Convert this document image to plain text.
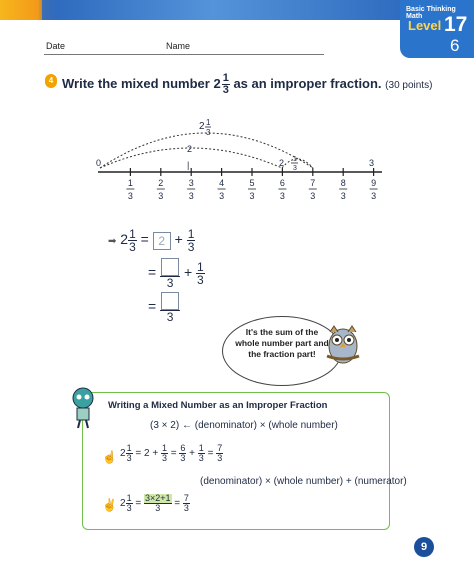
Basic Thinking Math
Level 17
6
Date	Name
4 Write the mixed number $2 \frac{1}{3}$ as an improper fraction. (30 points)
1
3
2
3
3
3
4
3
5
3
6
3
7
3
8
3
9
3
0	|	2	3
2 1
3
2
1
3
➡ $2 \frac{1}{3} = 2 + \frac{1}{3}$
=
3
+ $\frac{1}{3}$
=
3
It's the sum of the whole number part and the fraction part!
Writing a Mixed Number as an Improper Fraction
(3 × 2) ← (denominator) × (whole number)
☝ $2 \frac{1}{3} = 2 + \frac{1}{3} = \frac{6}{3} + \frac{1}{3} = \frac{7}{3}$
(denominator) × (whole number) + (numerator)
✌ $2 \frac{1}{3} = \frac{3\times 2+1}{3} = \frac{7}{3}$
9
